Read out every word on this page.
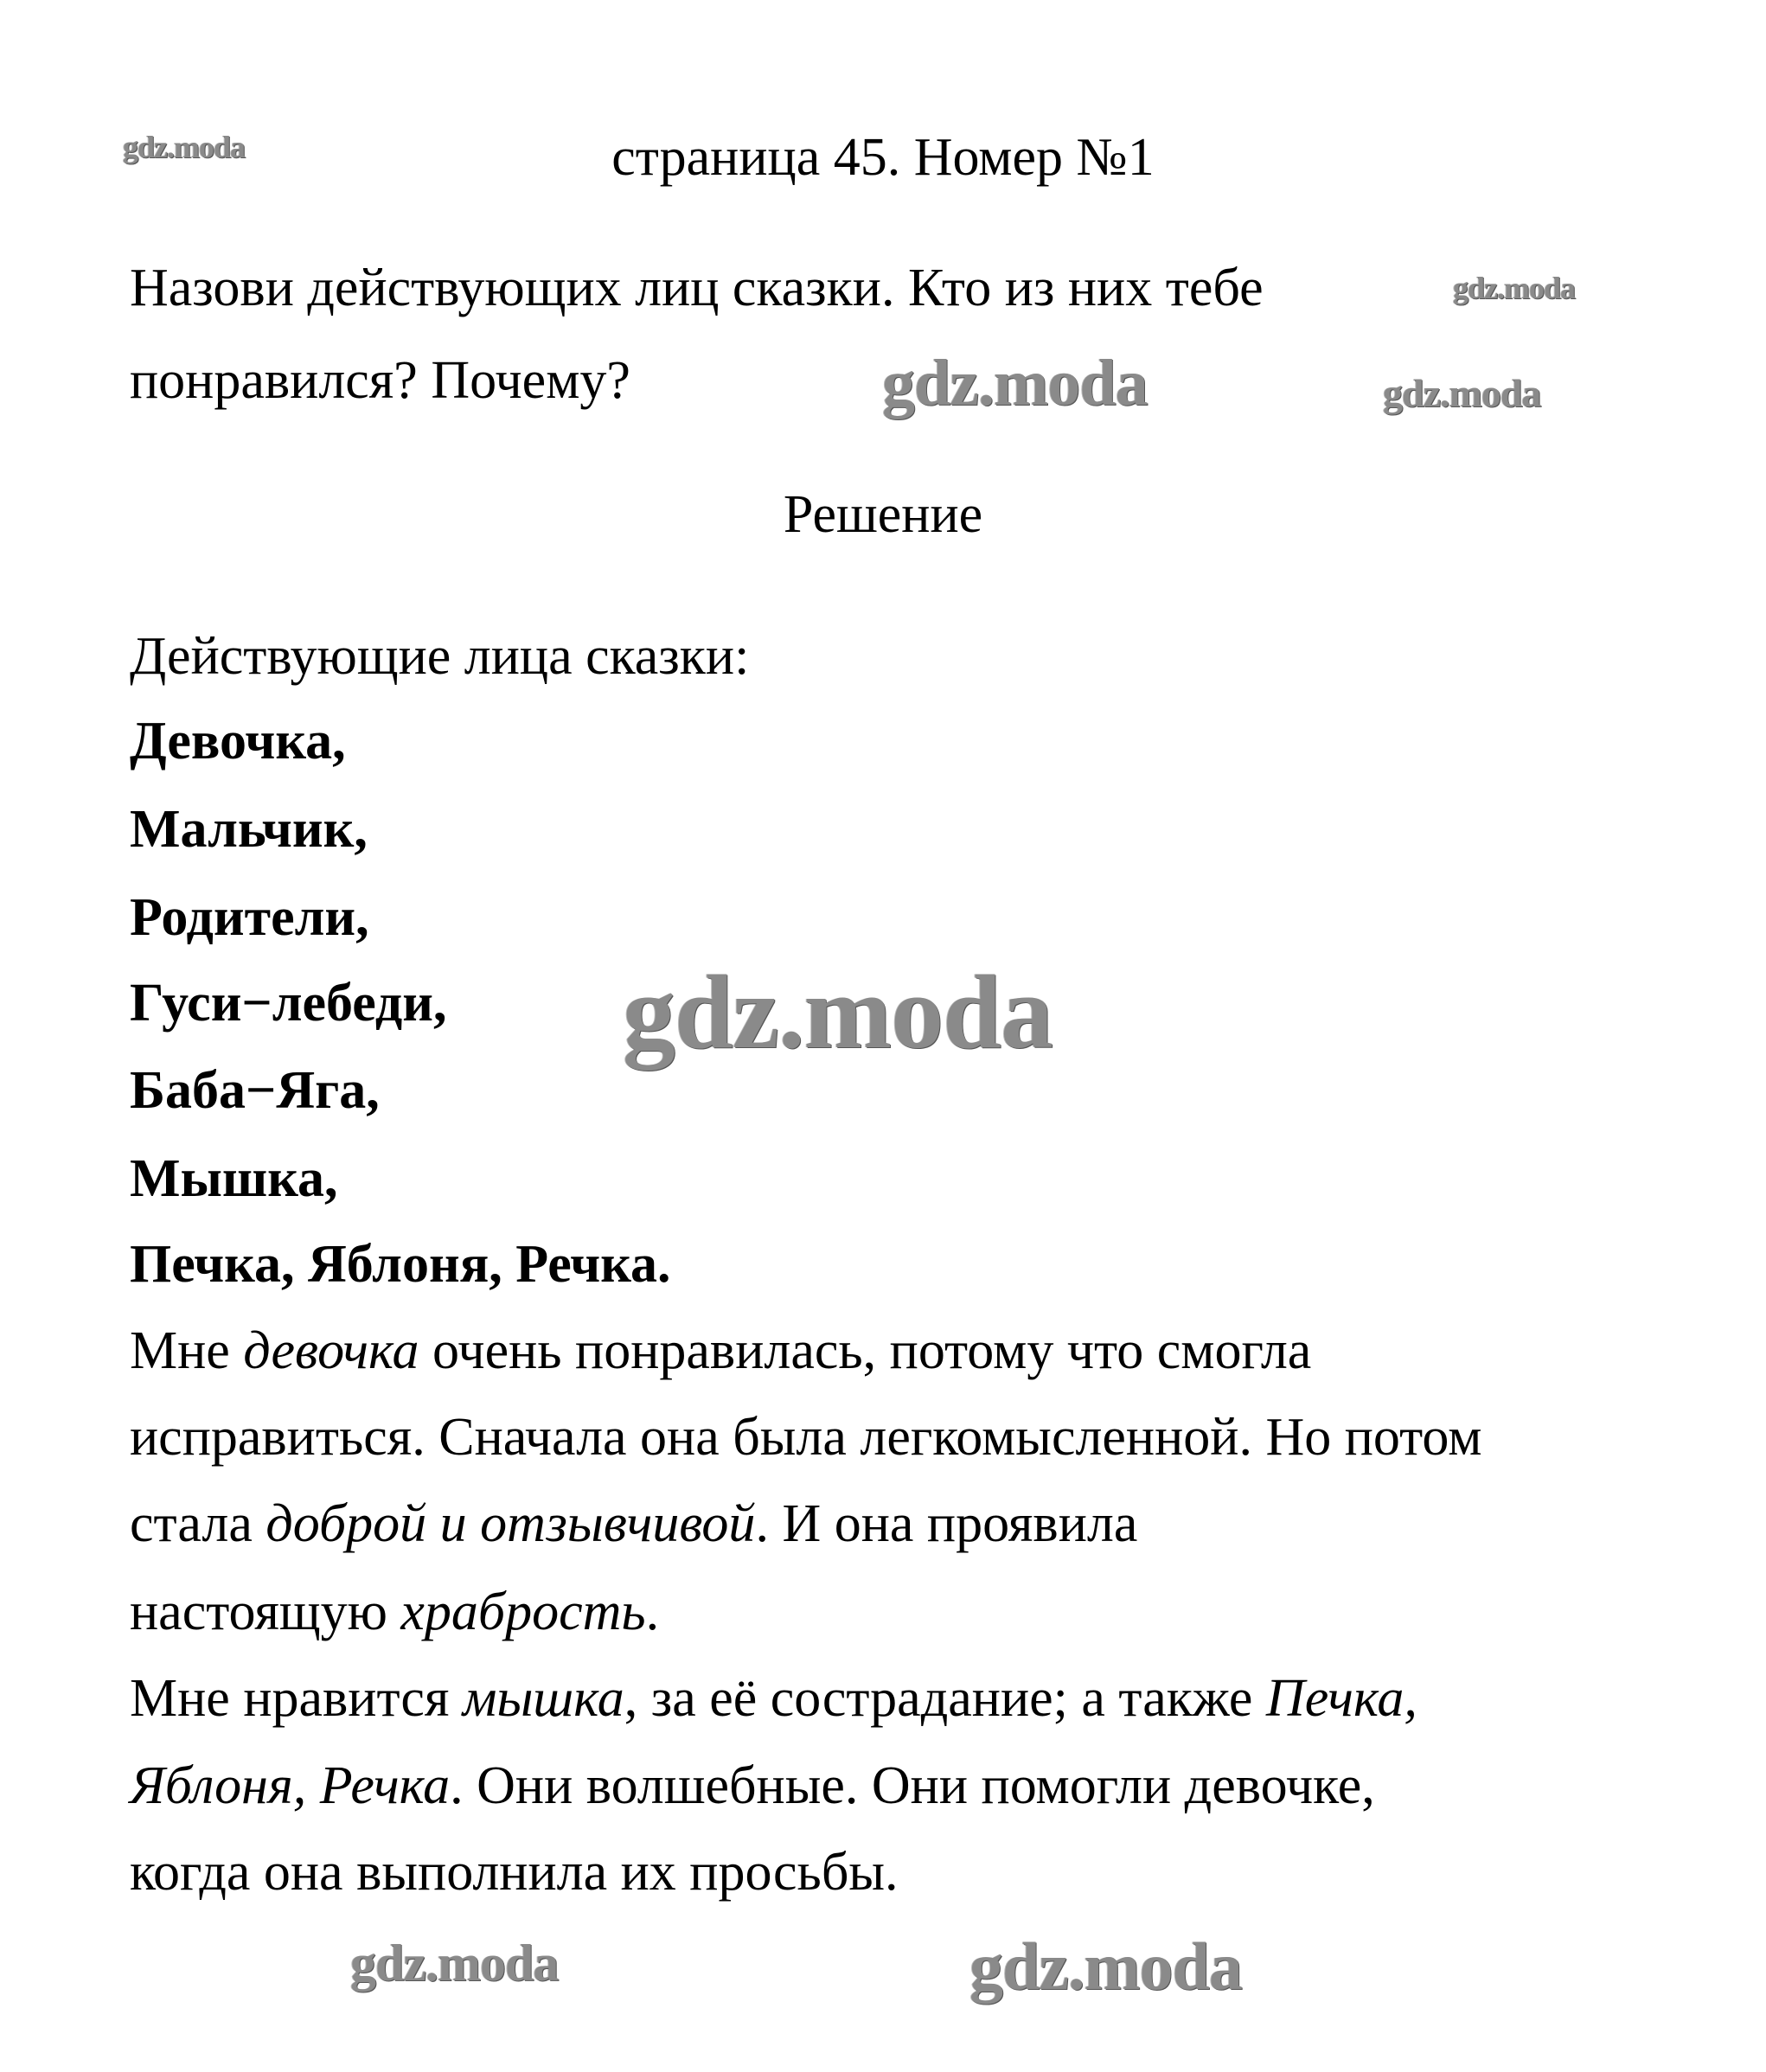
страница 45. Номер №1
Назови действующих лиц сказки. Кто из них тебе
понравился? Почему?
Решение
Действующие лица сказки:
Девочка,
Мальчик,
Родители,
Гуси−лебеди,
Баба−Яга,
Мышка,
Печка, Яблоня, Речка.
Мне девочка очень понравилась, потому что смогла
исправиться. Сначала она была легкомысленной. Но потом
стала доброй и отзывчивой. И она проявила
настоящую храбрость.
Мне нравится мышка, за её сострадание; а также Печка,
Яблоня, Речка. Они волшебные. Они помогли девочке,
когда она выполнила их просьбы.
gdz.moda
gdz.moda
gdz.moda	gdz.moda
gdz.moda
gdz.moda	gdz.moda
